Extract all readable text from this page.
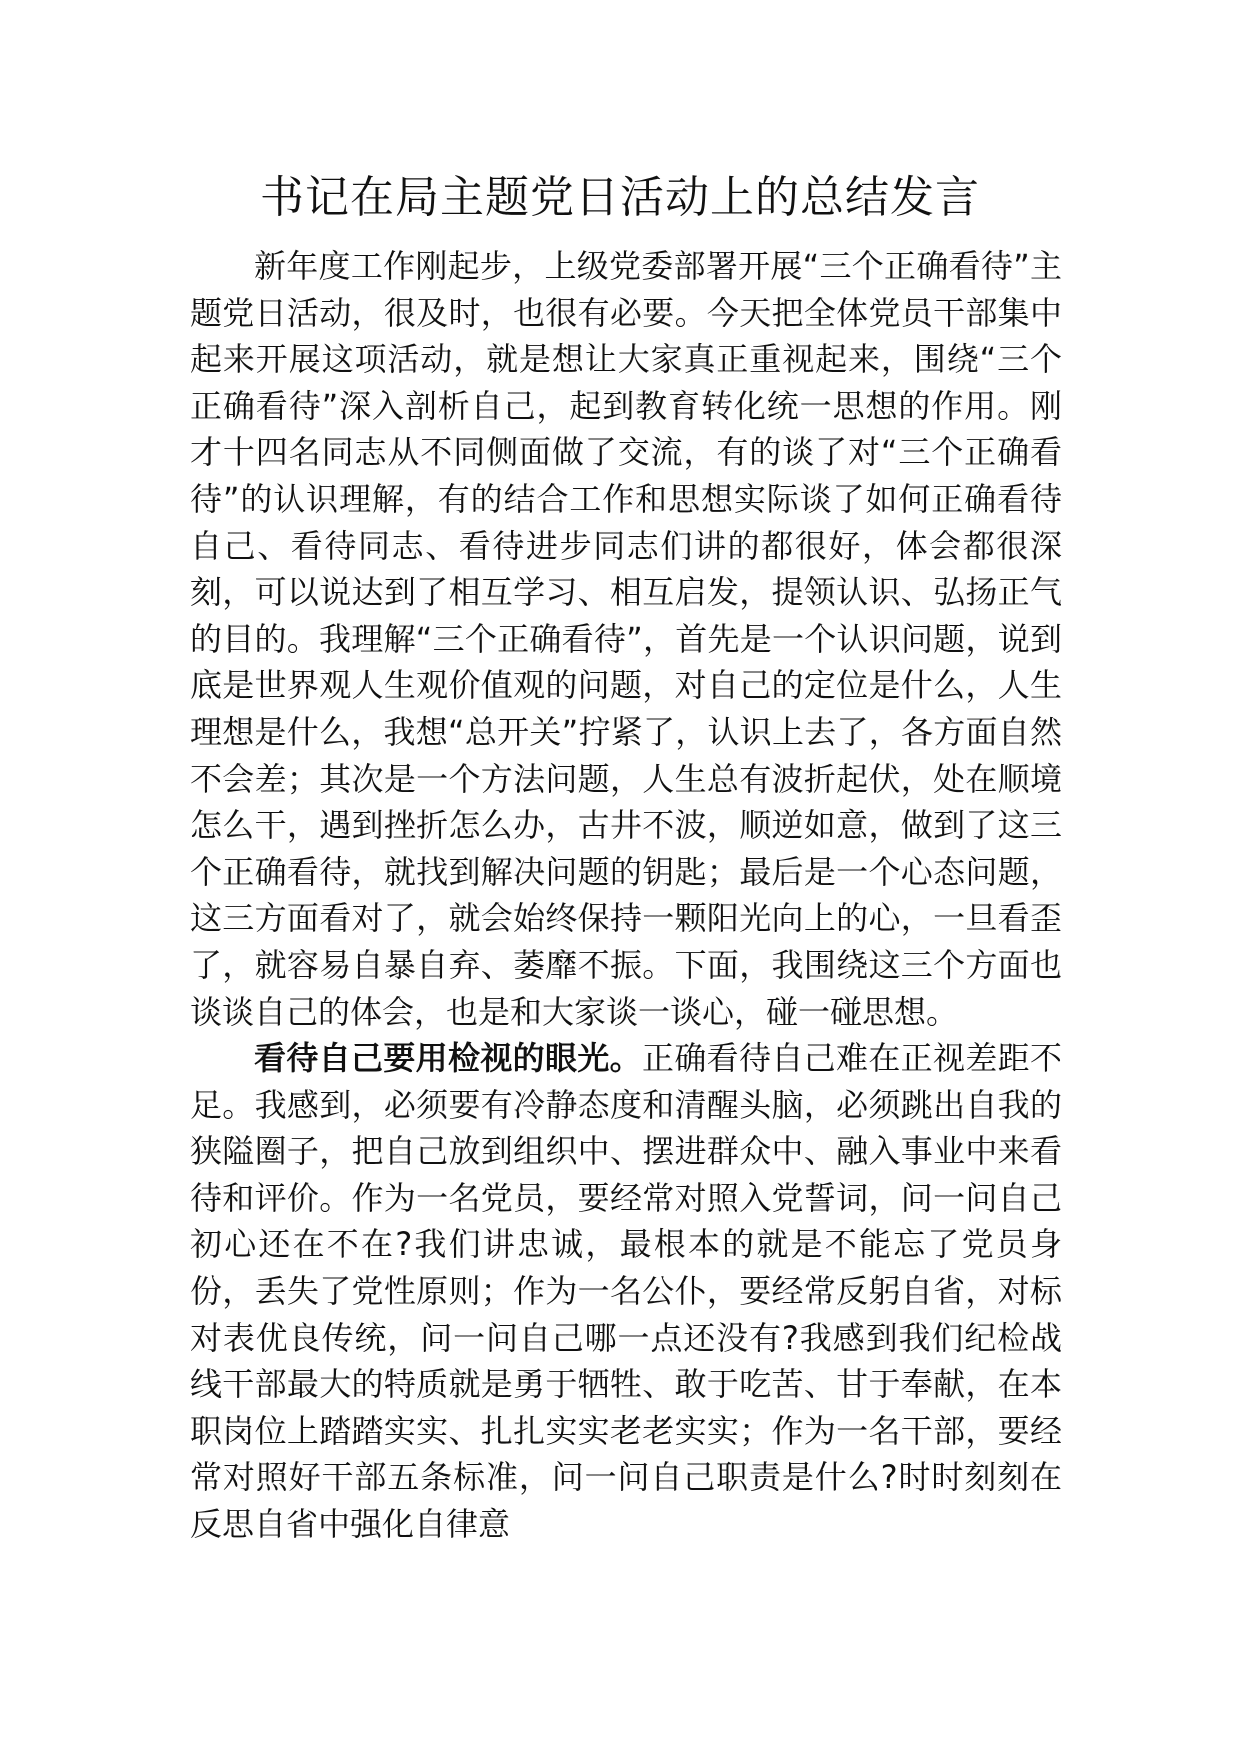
书记在局主题党日活动上的总结发言

新年度工作刚起步，上级党委部署开展“三个正确看待”主题党日活动，很及时，也很有必要。今天把全体党员干部集中起来开展这项活动，就是想让大家真正重视起来，围绕“三个正确看待”深入剖析自己，起到教育转化统一思想的作用。刚才十四名同志从不同侧面做了交流，有的谈了对“三个正确看待”的认识理解，有的结合工作和思想实际谈了如何正确看待自己、看待同志、看待进步同志们讲的都很好，体会都很深刻，可以说达到了相互学习、相互启发，提领认识、弘扬正气的目的。我理解“三个正确看待”，首先是一个认识问题，说到底是世界观人生观价值观的问题，对自己的定位是什么，人生理想是什么，我想“总开关”拧紧了，认识上去了，各方面自然不会差；其次是一个方法问题，人生总有波折起伏，处在顺境怎么干，遇到挫折怎么办，古井不波，顺逆如意，做到了这三个正确看待，就找到解决问题的钥匙；最后是一个心态问题，这三方面看对了，就会始终保持一颗阳光向上的心，一旦看歪了，就容易自暴自弃、萎靡不振。下面，我围绕这三个方面也谈谈自己的体会，也是和大家谈一谈心，碰一碰思想。

看待自己要用检视的眼光。正确看待自己难在正视差距不足。我感到，必须要有冷静态度和清醒头脑，必须跳出自我的狭隘圈子，把自己放到组织中、摆进群众中、融入事业中来看待和评价。作为一名党员，要经常对照入党誓词，问一问自己初心还在不在?我们讲忠诚，最根本的就是不能忘了党员身份，丢失了党性原则；作为一名公仆，要经常反躬自省，对标对表优良传统，问一问自己哪一点还没有?我感到我们纪检战线干部最大的特质就是勇于牺牲、敢于吃苦、甘于奉献，在本职岗位上踏踏实实、扎扎实实老老实实；作为一名干部，要经常对照好干部五条标准，问一问自己职责是什么?时时刻刻在反思自省中强化自律意
